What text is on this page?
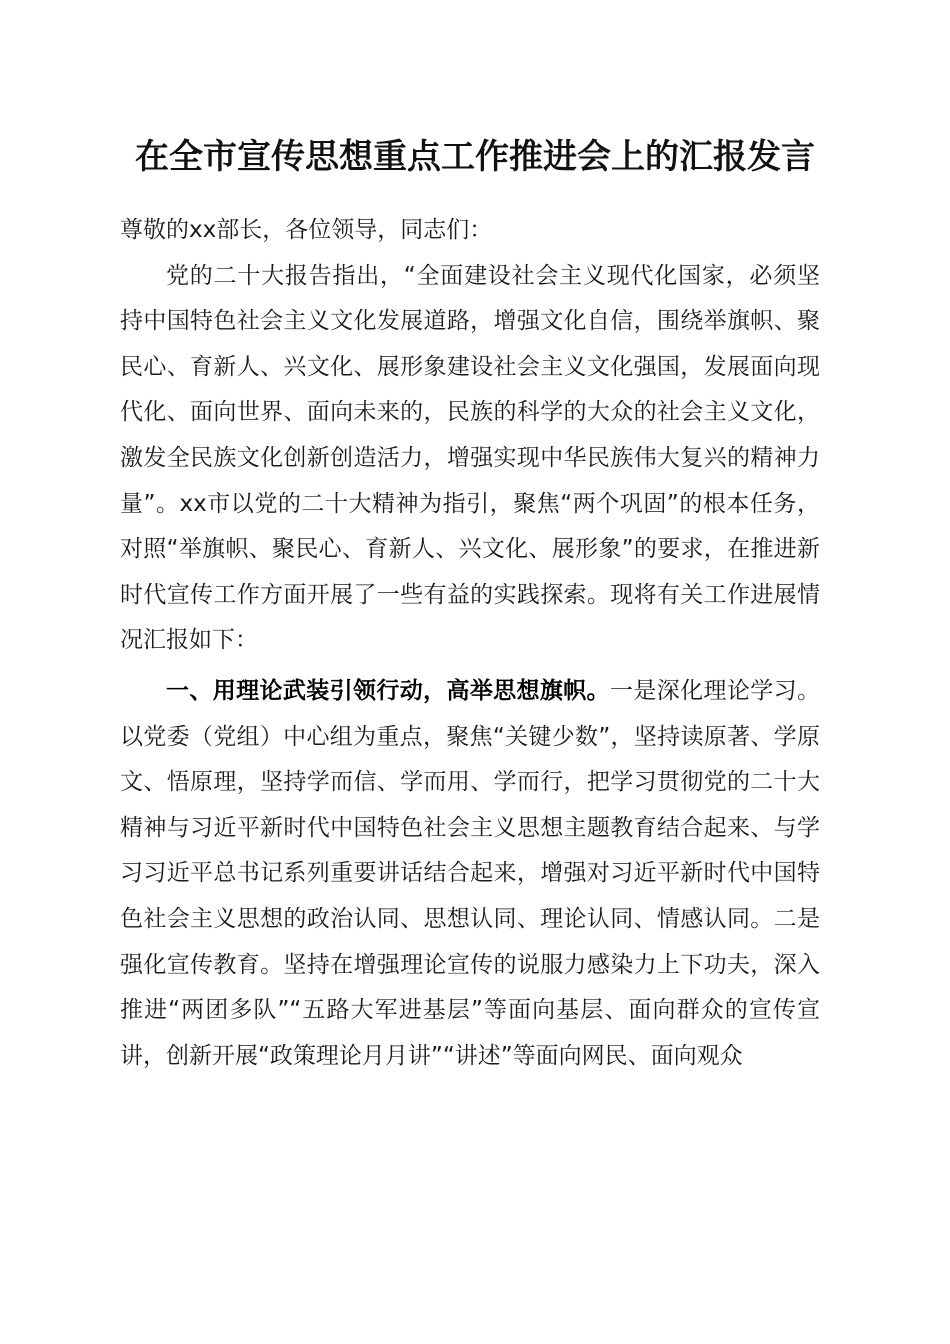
在全市宣传思想重点工作推进会上的汇报发言

尊敬的xx部长，各位领导，同志们：

党的二十大报告指出，“全面建设社会主义现代化国家，必须坚持中国特色社会主义文化发展道路，增强文化自信，围绕举旗帜、聚民心、育新人、兴文化、展形象建设社会主义文化强国，发展面向现代化、面向世界、面向未来的，民族的科学的大众的社会主义文化，激发全民族文化创新创造活力，增强实现中华民族伟大复兴的精神力量”。xx市以党的二十大精神为指引，聚焦“两个巩固”的根本任务，对照“举旗帜、聚民心、育新人、兴文化、展形象”的要求，在推进新时代宣传工作方面开展了一些有益的实践探索。现将有关工作进展情况汇报如下：

一、用理论武装引领行动，高举思想旗帜。一是深化理论学习。以党委（党组）中心组为重点，聚焦“关键少数”，坚持读原著、学原文、悟原理，坚持学而信、学而用、学而行，把学习贯彻党的二十大精神与习近平新时代中国特色社会主义思想主题教育结合起来、与学习习近平总书记系列重要讲话结合起来，增强对习近平新时代中国特色社会主义思想的政治认同、思想认同、理论认同、情感认同。二是强化宣传教育。坚持在增强理论宣传的说服力感染力上下功夫，深入推进“两团多队”“五路大军进基层”等面向基层、面向群众的宣传宣讲，创新开展“政策理论月月讲”“讲述”等面向网民、面向观众
